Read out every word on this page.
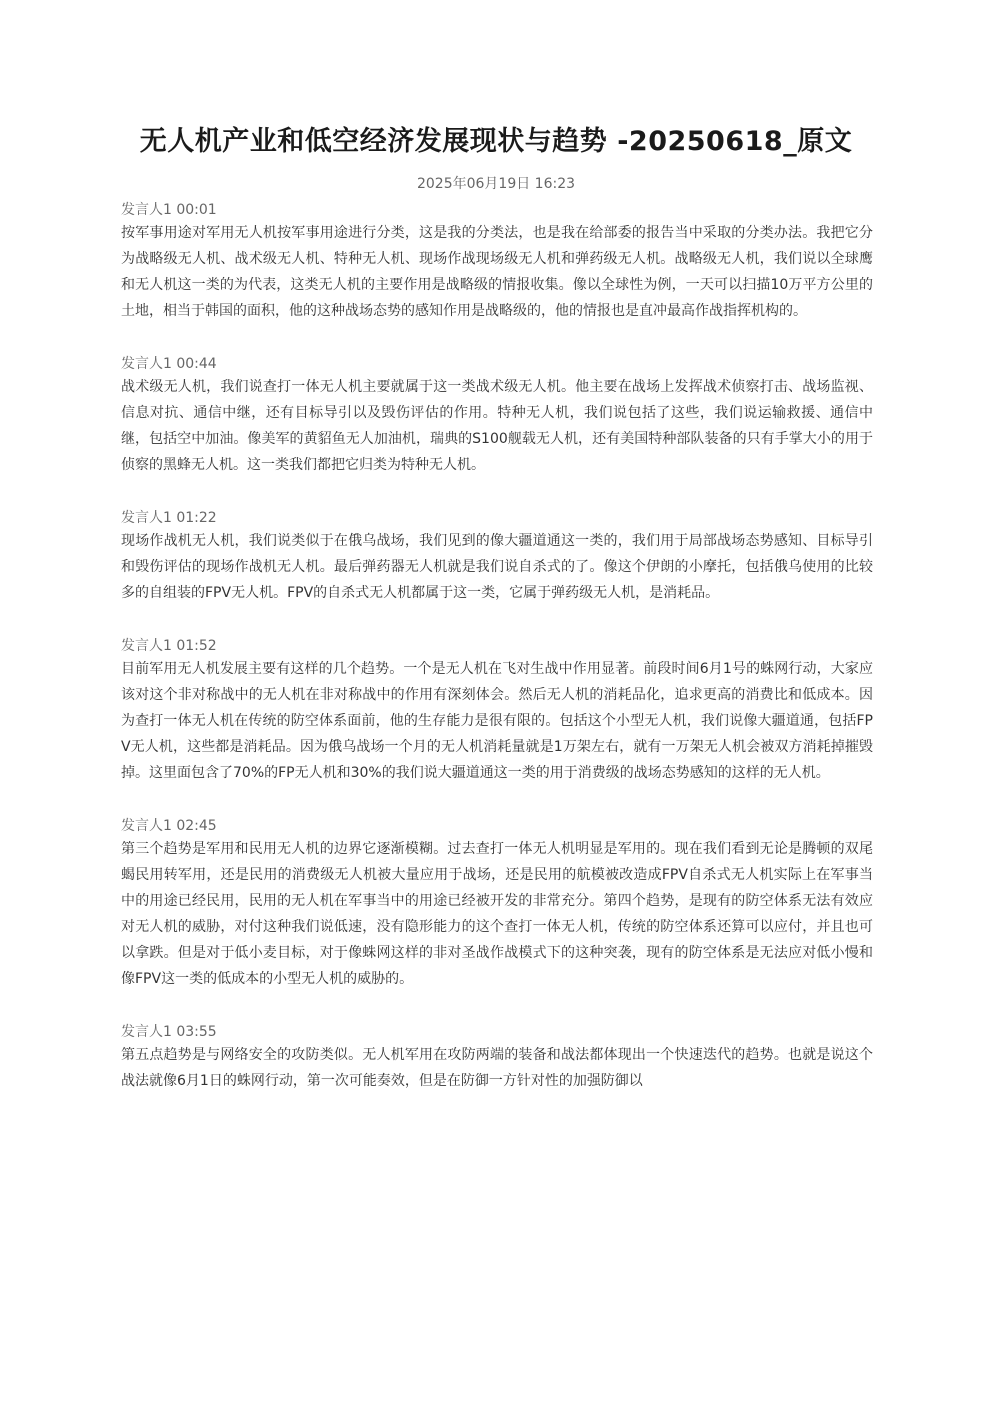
无人机产业和低空经济发展现状与趋势 -20250618_原文
2025年06月19日 16:23
发言人1 00:01
按军事用途对军用无人机按军事用途进行分类，这是我的分类法，也是我在给部委的报告当中采取的分类办法。我把它分为战略级无人机、战术级无人机、特种无人机、现场作战现场级无人机和弹药级无人机。战略级无人机，我们说以全球鹰和无人机这一类的为代表，这类无人机的主要作用是战略级的情报收集。像以全球性为例，一天可以扫描10万平方公里的土地，相当于韩国的面积，他的这种战场态势的感知作用是战略级的，他的情报也是直冲最高作战指挥机构的。
发言人1 00:44
战术级无人机，我们说查打一体无人机主要就属于这一类战术级无人机。他主要在战场上发挥战术侦察打击、战场监视、信息对抗、通信中继，还有目标导引以及毁伤评估的作用。特种无人机，我们说包括了这些，我们说运输救援、通信中继，包括空中加油。像美军的黄貂鱼无人加油机，瑞典的S100舰载无人机，还有美国特种部队装备的只有手掌大小的用于侦察的黑蜂无人机。这一类我们都把它归类为特种无人机。
发言人1 01:22
现场作战机无人机，我们说类似于在俄乌战场，我们见到的像大疆道通这一类的，我们用于局部战场态势感知、目标导引和毁伤评估的现场作战机无人机。最后弹药器无人机就是我们说自杀式的了。像这个伊朗的小摩托，包括俄乌使用的比较多的自组装的FPV无人机。FPV的自杀式无人机都属于这一类，它属于弹药级无人机，是消耗品。
发言人1 01:52
目前军用无人机发展主要有这样的几个趋势。一个是无人机在飞对生战中作用显著。前段时间6月1号的蛛网行动，大家应该对这个非对称战中的无人机在非对称战中的作用有深刻体会。然后无人机的消耗品化，追求更高的消费比和低成本。因为查打一体无人机在传统的防空体系面前，他的生存能力是很有限的。包括这个小型无人机，我们说像大疆道通，包括FPV无人机，这些都是消耗品。因为俄乌战场一个月的无人机消耗量就是1万架左右，就有一万架无人机会被双方消耗掉摧毁掉。这里面包含了70%的FP无人机和30%的我们说大疆道通这一类的用于消费级的战场态势感知的这样的无人机。
发言人1 02:45
第三个趋势是军用和民用无人机的边界它逐渐模糊。过去查打一体无人机明显是军用的。现在我们看到无论是腾顿的双尾蝎民用转军用，还是民用的消费级无人机被大量应用于战场，还是民用的航模被改造成FPV自杀式无人机实际上在军事当中的用途已经民用，民用的无人机在军事当中的用途已经被开发的非常充分。第四个趋势，是现有的防空体系无法有效应对无人机的威胁，对付这种我们说低速，没有隐形能力的这个查打一体无人机，传统的防空体系还算可以应付，并且也可以拿跌。但是对于低小麦目标，对于像蛛网这样的非对圣战作战模式下的这种突袭，现有的防空体系是无法应对低小慢和像FPV这一类的低成本的小型无人机的威胁的。
发言人1 03:55
第五点趋势是与网络安全的攻防类似。无人机军用在攻防两端的装备和战法都体现出一个快速迭代的趋势。也就是说这个战法就像6月1日的蛛网行动，第一次可能奏效，但是在防御一方针对性的加强防御以
